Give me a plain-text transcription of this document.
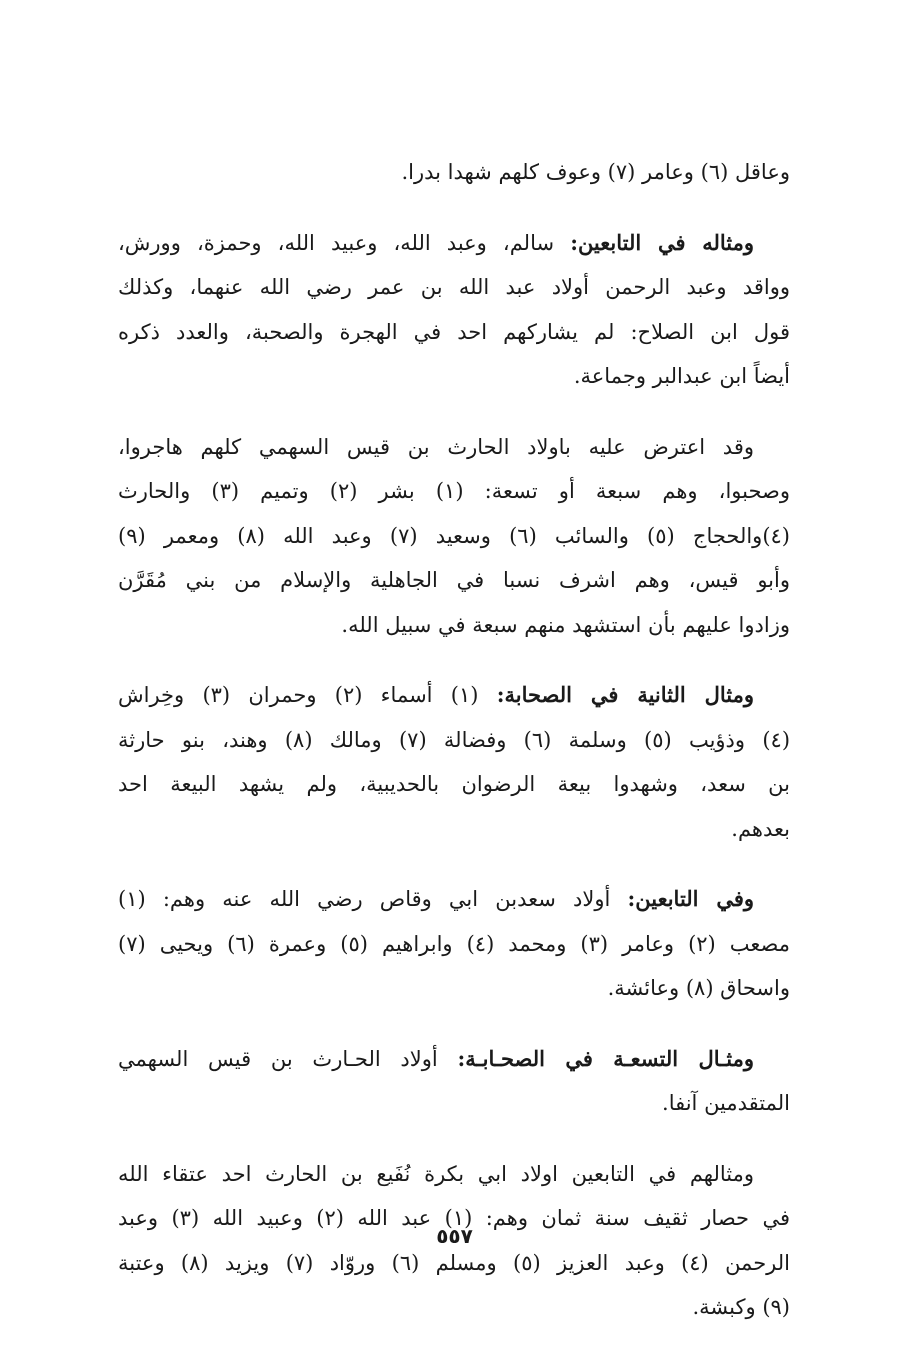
وعاقل (٦) وعامر (٧) وعوف كلهم شهدا بدرا.

ومثاله في التابعين: سالم، وعبد الله، وعبيد الله، وحمزة، وورش،
وواقد وعبد الرحمن أولاد عبد الله بن عمر رضي الله عنهما، وكذلك
قول ابن الصلاح: لم يشاركهم احد في الهجرة والصحبة، والعدد ذكره
أيضاً ابن عبدالبر وجماعة.

وقد اعترض عليه باولاد الحارث بن قيس السهمي كلهم هاجروا،
وصحبوا، وهم سبعة أو تسعة: (١) بشر (٢) وتميم (٣) والحارث
(٤)والحجاج (٥) والسائب (٦) وسعيد (٧) وعبد الله (٨) ومعمر (٩)
وأبو قيس، وهم اشرف نسبا في الجاهلية والإسلام من بني مُقَرَّن
وزادوا عليهم بأن استشهد منهم سبعة في سبيل الله.

ومثال الثانية في الصحابة: (١) أسماء (٢) وحمران (٣) وخِراش
(٤) وذؤيب (٥) وسلمة (٦) وفضالة (٧) ومالك (٨) وهند، بنو حارثة
بن سعد، وشهدوا بيعة الرضوان بالحديبية، ولم يشهد البيعة احد
بعدهم.

وفي التابعين: أولاد سعدبن ابي وقاص رضي الله عنه وهم: (١)
مصعب (٢) وعامر (٣) ومحمد (٤) وابراهيم (٥) وعمرة (٦) ويحيى (٧)
واسحاق (٨) وعائشة.

ومثـال التسعـة في الصحـابـة: أولاد الحـارث بن قيس السهمي
المتقدمين آنفا.

ومثالهم في التابعين اولاد ابي بكرة نُفَيع بن الحارث احد عتقاء الله
في حصار ثقيف سنة ثمان وهم: (١) عبد الله (٢) وعبيد الله (٣) وعبد
الرحمن (٤) وعبد العزيز (٥) ومسلم (٦) وروّاد (٧) ويزيد (٨) وعتبة
(٩) وكبشة.

٥٥٧
